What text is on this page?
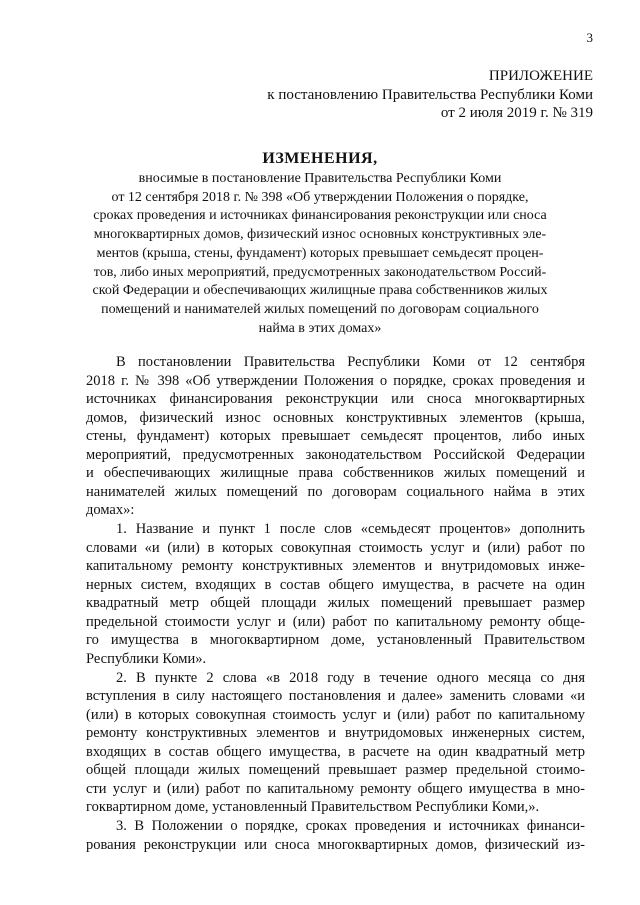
3
ПРИЛОЖЕНИЕ
к постановлению Правительства Республики Коми
от 2 июля 2019 г. № 319
ИЗМЕНЕНИЯ,
вносимые в постановление Правительства Республики Коми
от 12 сентября 2018 г. № 398 «Об утверждении Положения о порядке,
сроках проведения и источниках финансирования реконструкции или сноса
многоквартирных домов, физический износ основных конструктивных эле-
ментов (крыша, стены, фундамент) которых превышает семьдесят процен-
тов, либо иных мероприятий, предусмотренных законодательством Россий-
ской Федерации и обеспечивающих жилищные права собственников жилых
помещений и нанимателей жилых помещений по договорам социального
найма в этих домах»
В постановлении Правительства Республики Коми от 12 сентября
2018 г. № 398 «Об утверждении Положения о порядке, сроках проведения и
источниках финансирования реконструкции или сноса многоквартирных
домов, физический износ основных конструктивных элементов (крыша,
стены, фундамент) которых превышает семьдесят процентов, либо иных
мероприятий, предусмотренных законодательством Российской Федерации
и обеспечивающих жилищные права собственников жилых помещений и
нанимателей жилых помещений по договорам социального найма в этих
домах»:
1. Название и пункт 1 после слов «семьдесят процентов» дополнить
словами «и (или) в которых совокупная стоимость услуг и (или) работ по
капитальному ремонту конструктивных элементов и внутридомовых инже-
нерных систем, входящих в состав общего имущества, в расчете на один
квадратный метр общей площади жилых помещений превышает размер
предельной стоимости услуг и (или) работ по капитальному ремонту обще-
го имущества в многоквартирном доме, установленный Правительством
Республики Коми».
2. В пункте 2 слова «в 2018 году в течение одного месяца со дня
вступления в силу настоящего постановления и далее» заменить словами «и
(или) в которых совокупная стоимость услуг и (или) работ по капитальному
ремонту конструктивных элементов и внутридомовых инженерных систем,
входящих в состав общего имущества, в расчете на один квадратный метр
общей площади жилых помещений превышает размер предельной стоимо-
сти услуг и (или) работ по капитальному ремонту общего имущества в мно-
гоквартирном доме, установленный Правительством Республики Коми,».
3. В Положении о порядке, сроках проведения и источниках финанси-
рования реконструкции или сноса многоквартирных домов, физический из-
